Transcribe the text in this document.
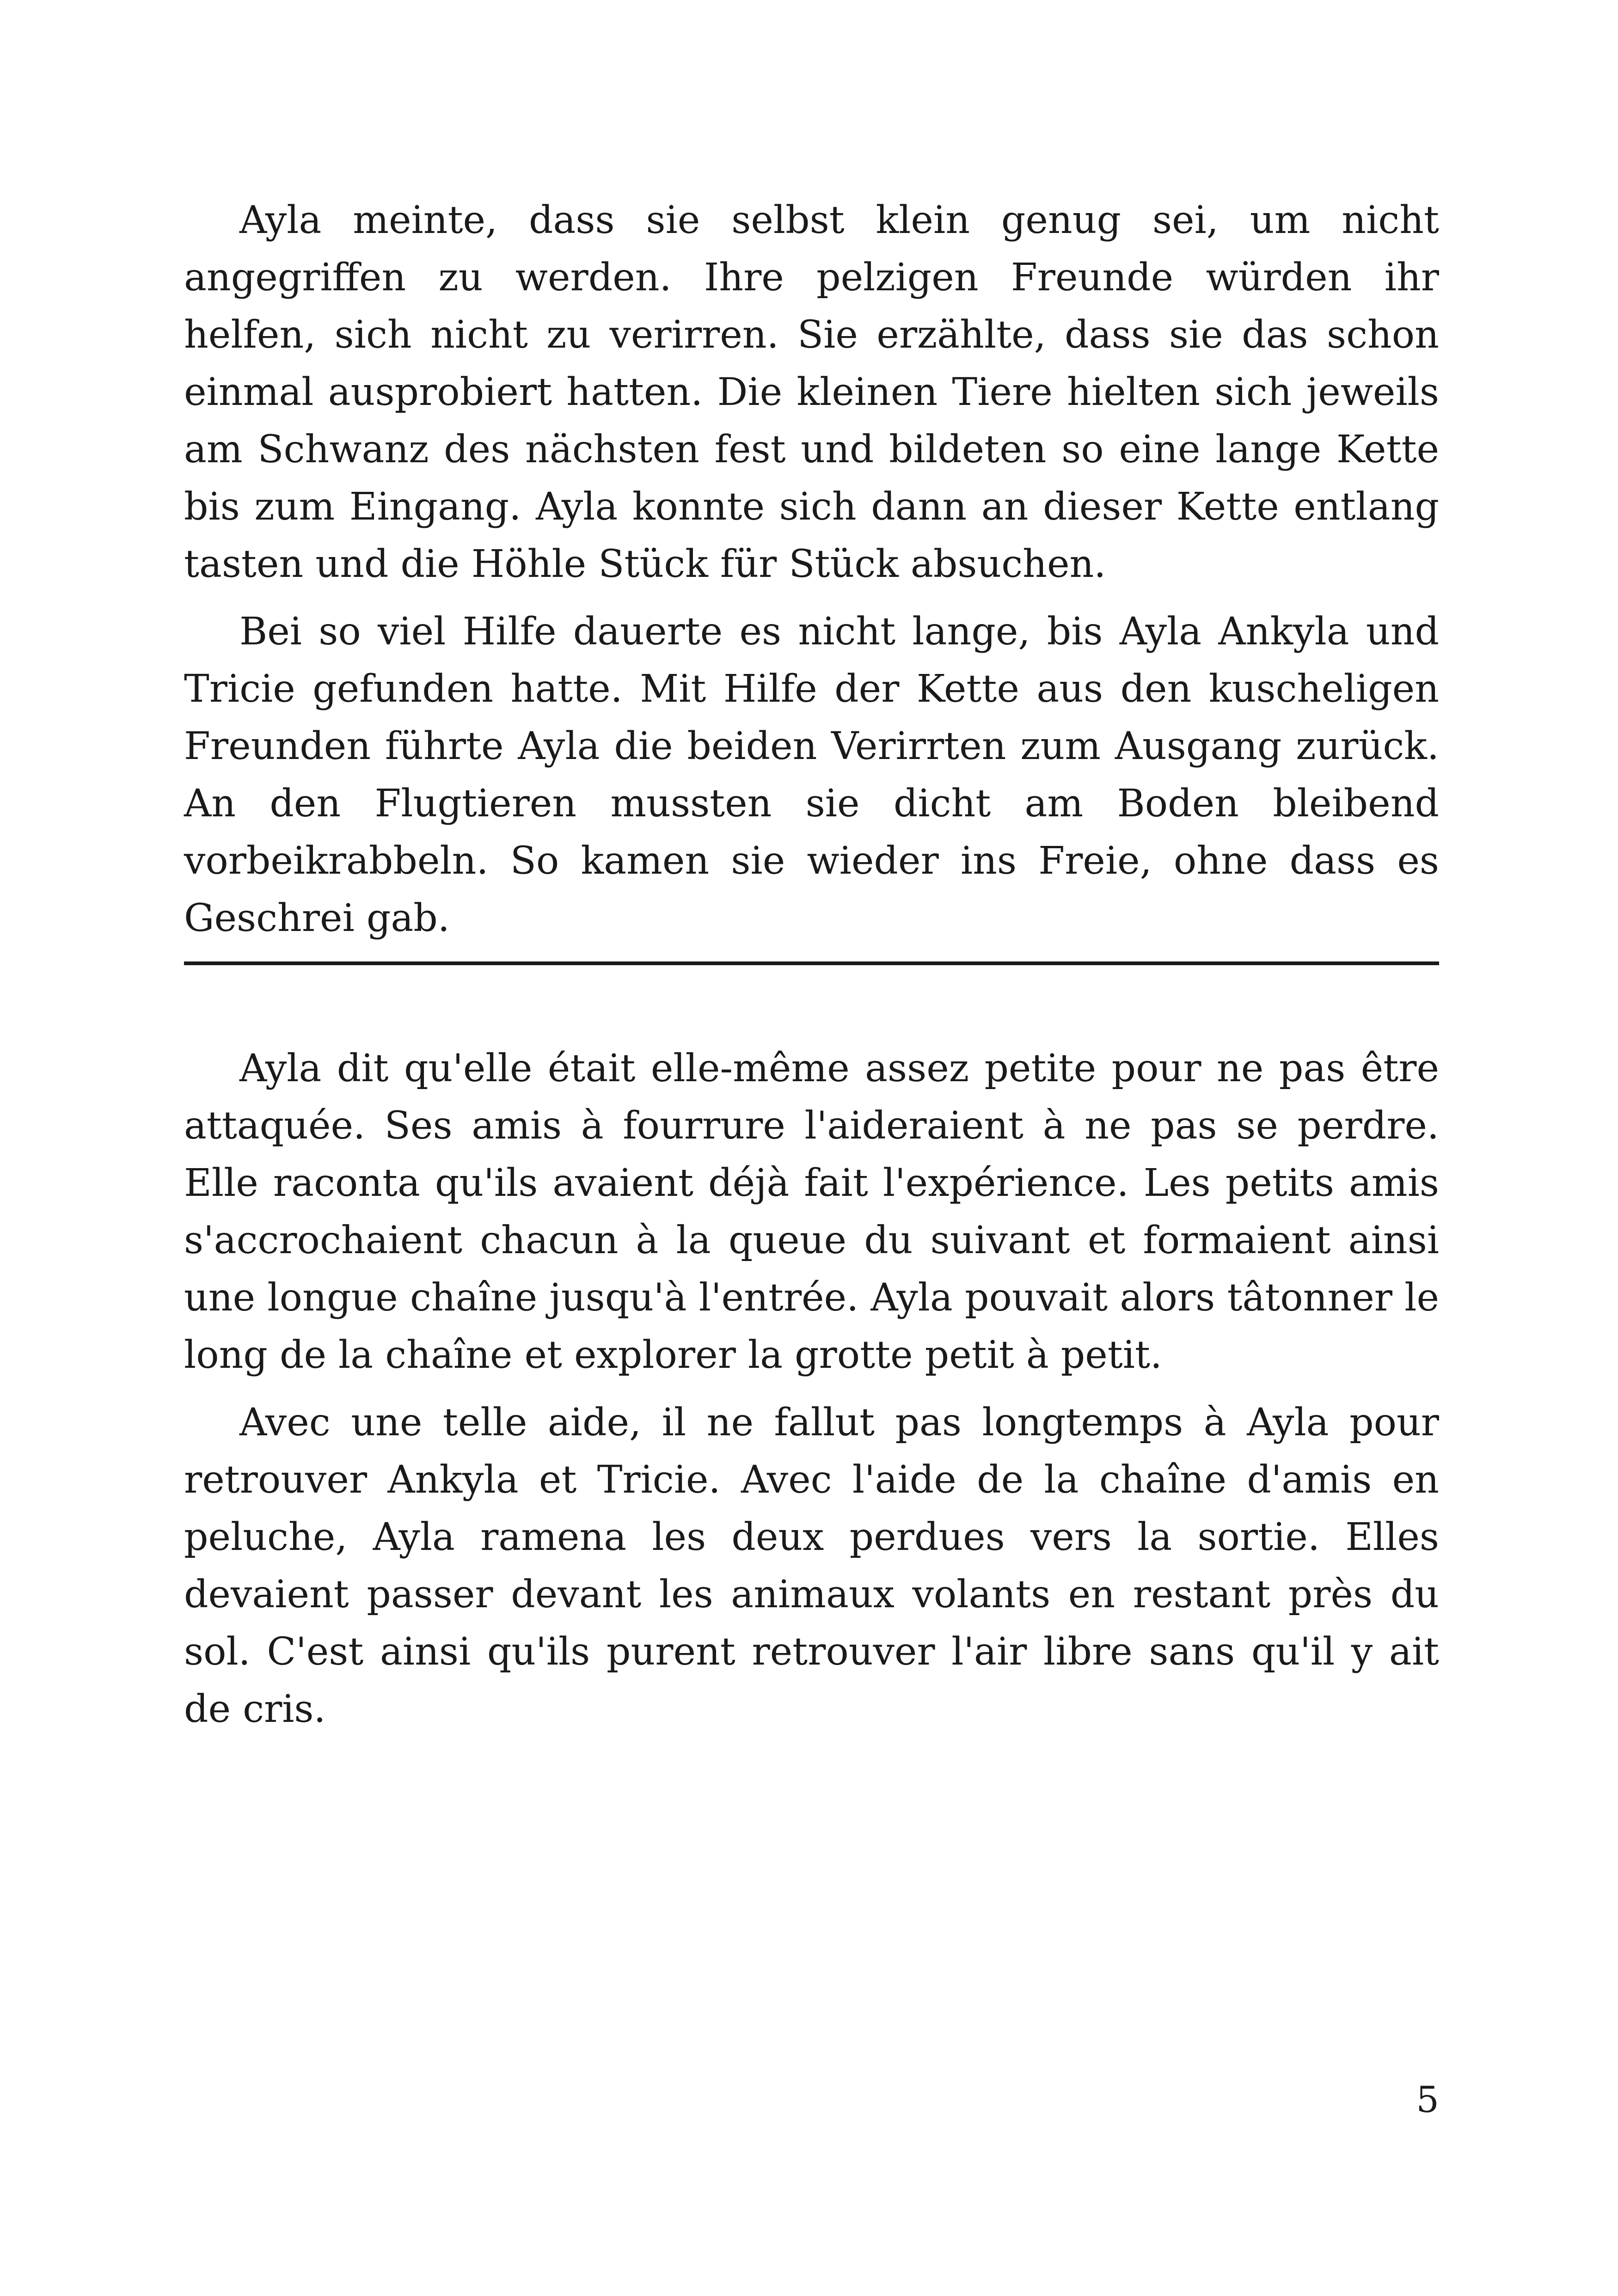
Ayla meinte, dass sie selbst klein genug sei, um nicht angegriffen zu werden. Ihre pelzigen Freunde würden ihr helfen, sich nicht zu verirren. Sie erzählte, dass sie das schon einmal ausprobiert hatten. Die kleinen Tiere hielten sich jeweils am Schwanz des nächsten fest und bildeten so eine lange Kette bis zum Eingang. Ayla konnte sich dann an dieser Kette entlang tasten und die Höhle Stück für Stück absuchen.

Bei so viel Hilfe dauerte es nicht lange, bis Ayla Ankyla und Tricie gefunden hatte. Mit Hilfe der Kette aus den kuscheligen Freunden führte Ayla die beiden Verirrten zum Ausgang zurück. An den Flugtieren mussten sie dicht am Boden bleibend vorbeikrabbeln. So kamen sie wieder ins Freie, ohne dass es Geschrei gab.

Ayla dit qu'elle était elle-même assez petite pour ne pas être attaquée. Ses amis à fourrure l'aideraient à ne pas se perdre. Elle raconta qu'ils avaient déjà fait l'expérience. Les petits amis s'accrochaient chacun à la queue du suivant et formaient ainsi une longue chaîne jusqu'à l'entrée. Ayla pouvait alors tâtonner le long de la chaîne et explorer la grotte petit à petit.

Avec une telle aide, il ne fallut pas longtemps à Ayla pour retrouver Ankyla et Tricie. Avec l'aide de la chaîne d'amis en peluche, Ayla ramena les deux perdues vers la sortie. Elles devaient passer devant les animaux volants en restant près du sol. C'est ainsi qu'ils purent retrouver l'air libre sans qu'il y ait de cris.

5
